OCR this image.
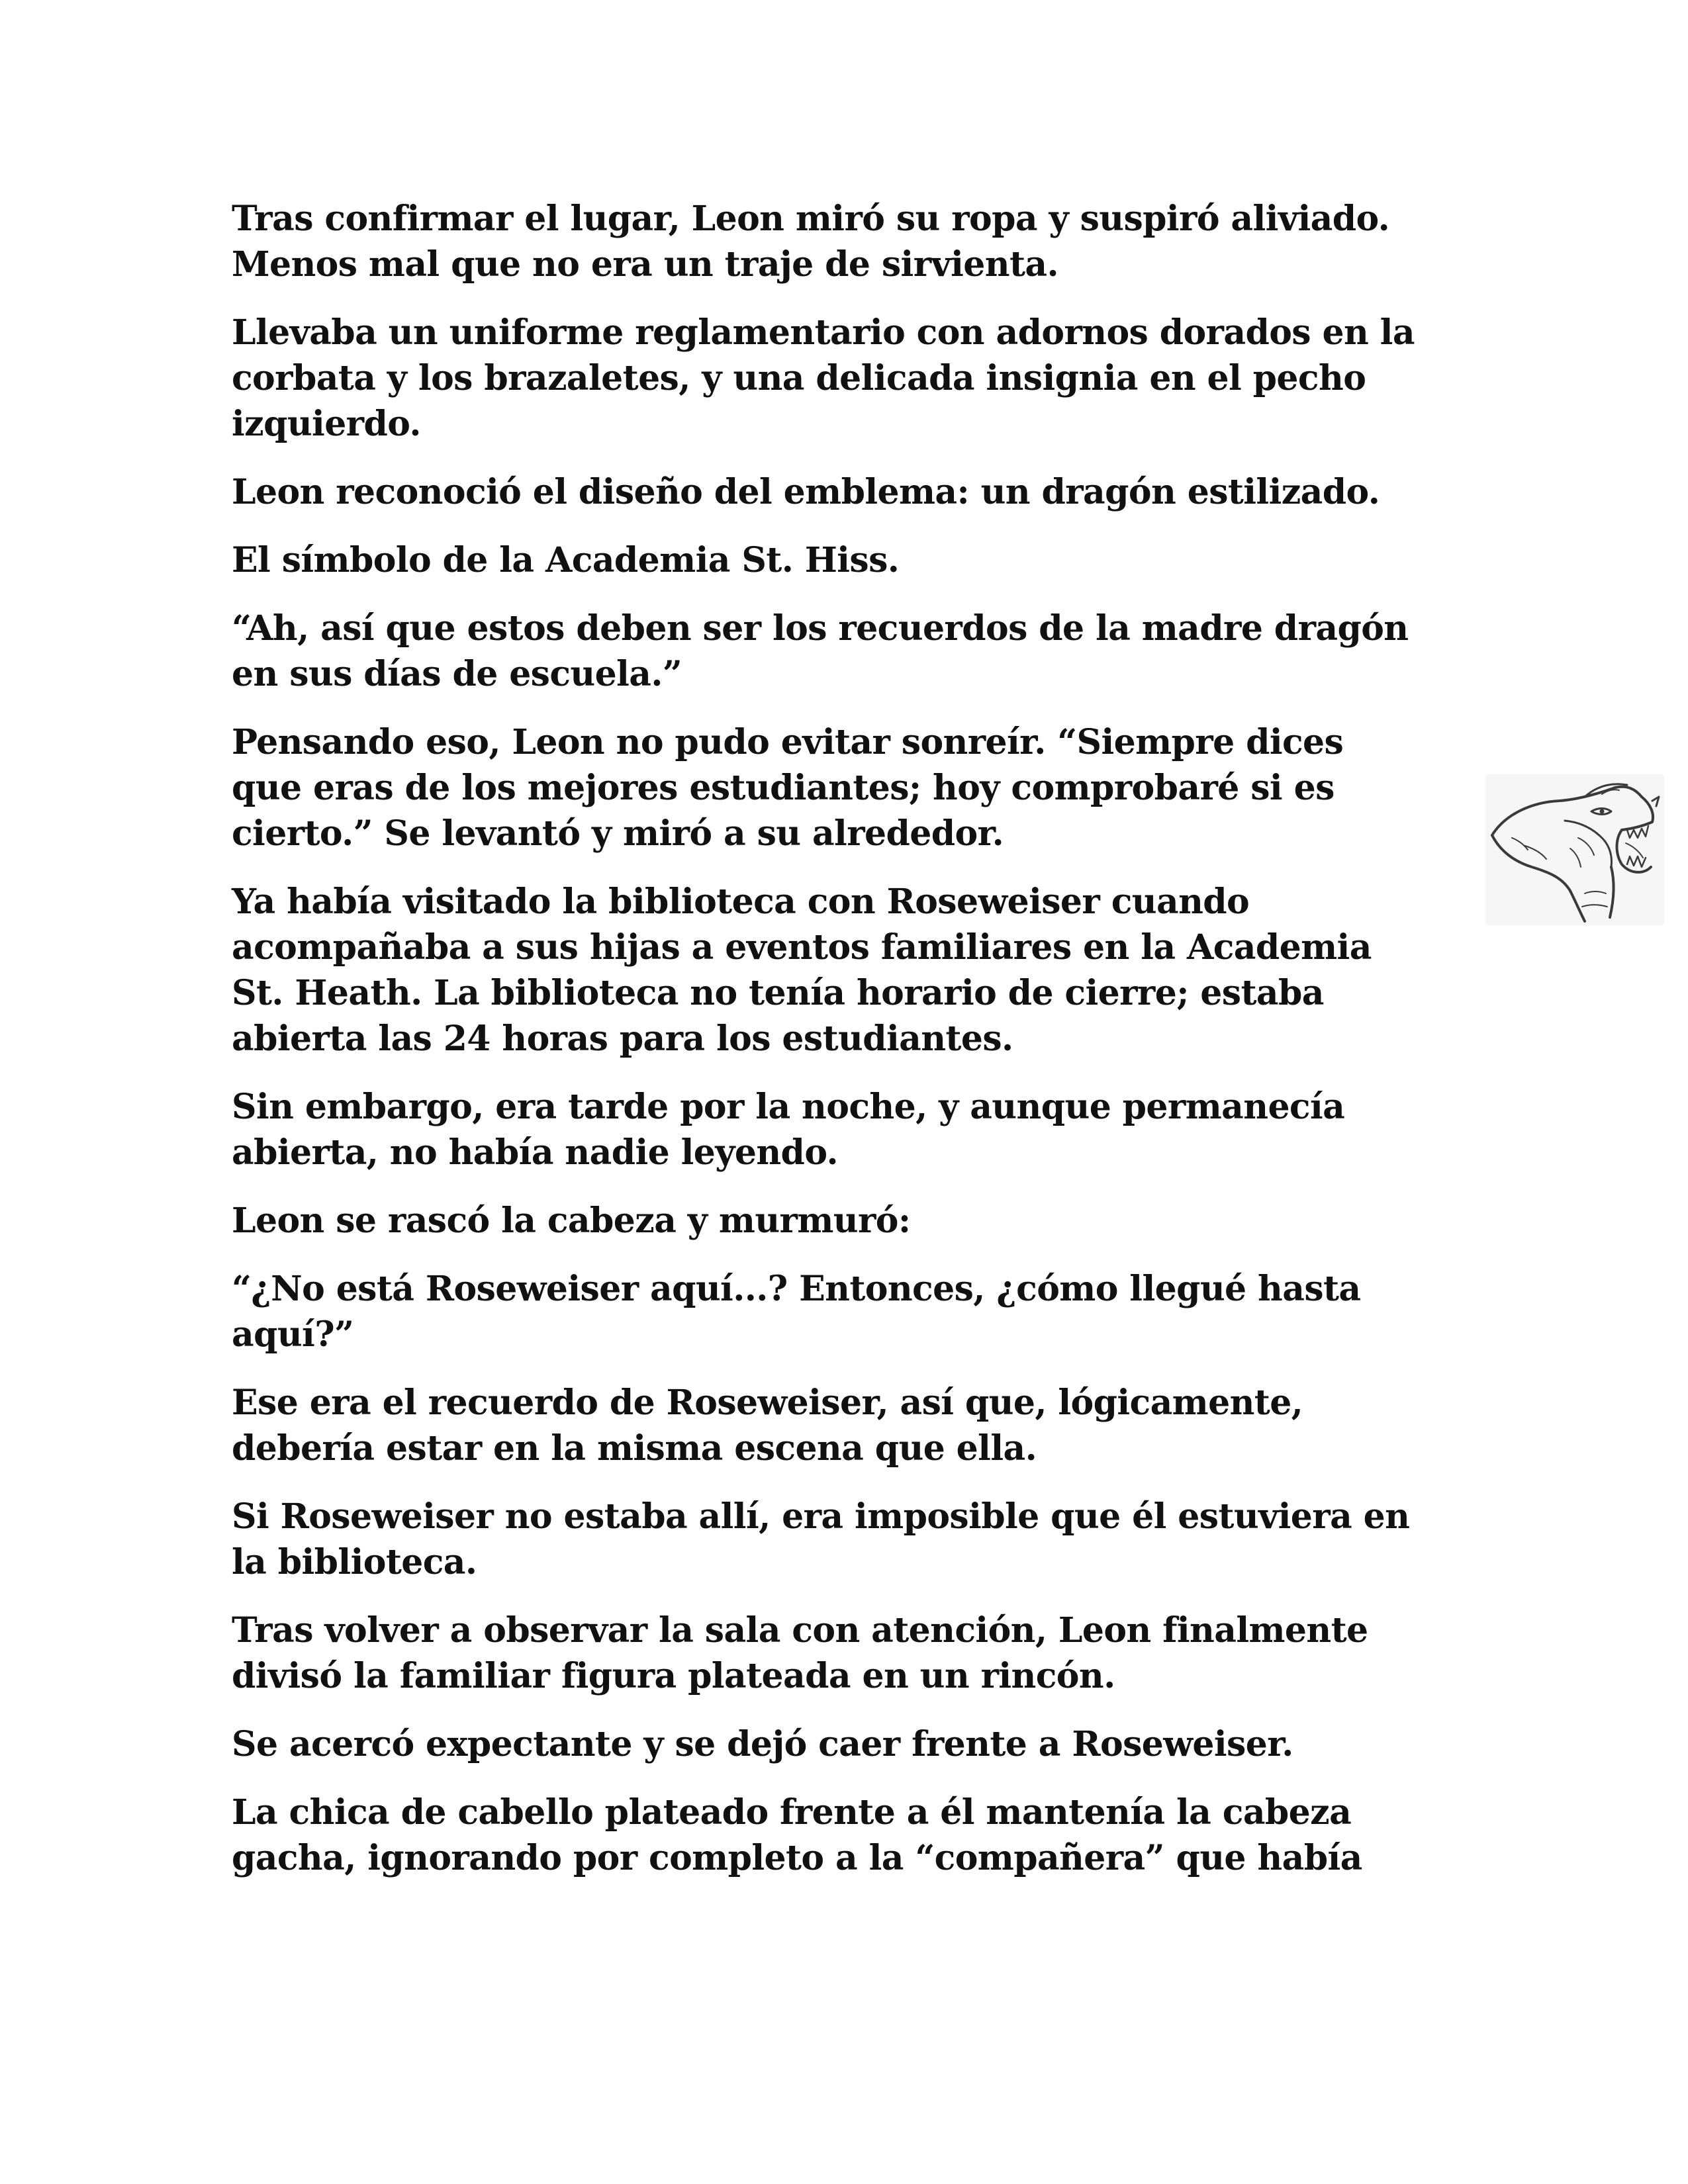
Tras confirmar el lugar, Leon miró su ropa y suspiró aliviado.
Menos mal que no era un traje de sirvienta.

Llevaba un uniforme reglamentario con adornos dorados en la
corbata y los brazaletes, y una delicada insignia en el pecho
izquierdo.

Leon reconoció el diseño del emblema: un dragón estilizado.

El símbolo de la Academia St. Hiss.

“Ah, así que estos deben ser los recuerdos de la madre dragón
en sus días de escuela.”

Pensando eso, Leon no pudo evitar sonreír. “Siempre dices
que eras de los mejores estudiantes; hoy comprobaré si es
cierto.” Se levantó y miró a su alrededor.

Ya había visitado la biblioteca con Roseweiser cuando
acompañaba a sus hijas a eventos familiares en la Academia
St. Heath. La biblioteca no tenía horario de cierre; estaba
abierta las 24 horas para los estudiantes.

Sin embargo, era tarde por la noche, y aunque permanecía
abierta, no había nadie leyendo.

Leon se rascó la cabeza y murmuró:

“¿No está Roseweiser aquí...? Entonces, ¿cómo llegué hasta
aquí?”

Ese era el recuerdo de Roseweiser, así que, lógicamente,
debería estar en la misma escena que ella.

Si Roseweiser no estaba allí, era imposible que él estuviera en
la biblioteca.

Tras volver a observar la sala con atención, Leon finalmente
divisó la familiar figura plateada en un rincón.

Se acercó expectante y se dejó caer frente a Roseweiser.

La chica de cabello plateado frente a él mantenía la cabeza
gacha, ignorando por completo a la “compañera” que había
